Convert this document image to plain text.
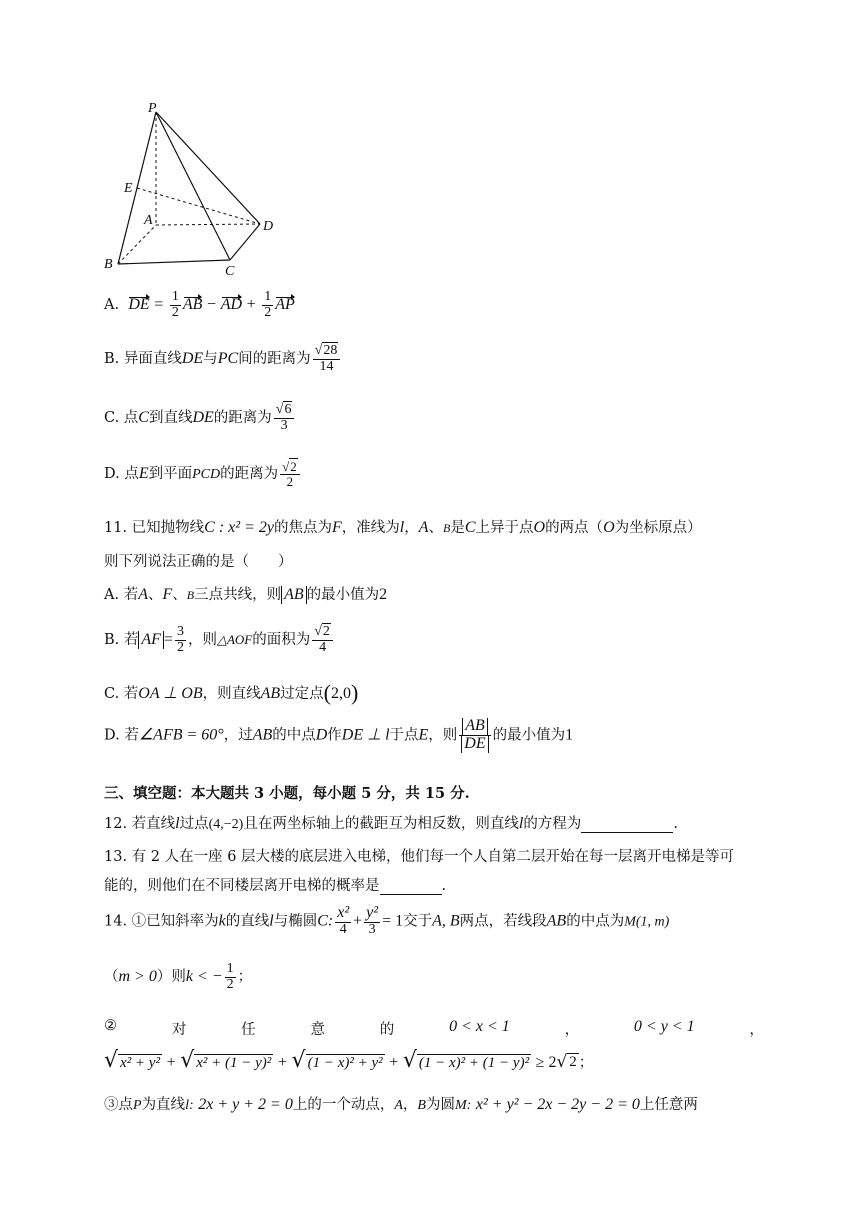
P
E
A	D
B	C
A. DE = $\frac{1}{2}$ AB − AD + $\frac{1}{2}$ AP
B. 异面直线DE与PC间的距离为 $\frac{√28}{14}$
C. 点C到直线DE的距离为 $\frac{√6}{3}$
D. 点E到平面PCD的距离为 $\frac{√2}{2}$
11. 已知抛物线C : x² = 2y的焦点为F，准线为l，A、B是C上异于点O的两点（O为坐标原点）
则下列说法正确的是（　　）
A. 若A、F、B三点共线，则 AB 的最小值为2
B. 若 AF = $\frac{3}{2}$ ，则△AOF的面积为 $\frac{√2}{4}$
C. 若OA ⊥ OB，则直线AB过定点(2,0)
D. 若∠AFB = 60°，过AB的中点D作DE ⊥ l于点E，则 $\frac{AB}{DE}$ 的最小值为1
三、填空题：本大题共 3 小题，每小题 5 分，共 15 分.
12. 若直线l过点(4,−2)且在两坐标轴上的截距互为相反数，则直线l的方程为	.
13. 有 2 人在一座 6 层大楼的底层进入电梯，他们每一个人自第二层开始在每一层离开电梯是等可
能的，则他们在不同楼层离开电梯的概率是	.
14. ①已知斜率为k的直线l与椭圆C: $\frac{\text{x²}}{4} + \frac{\text{y²}}{3} = 1$交于A, B两点，若线段AB的中点为M(1, m)
（m > 0）则k < − $\frac{1}{2}$ ；
②	对	任	意	的	0 < x < 1	，	0 < y < 1	，
√ x² + y² + √ x² + (1 − y)² + √ (1 − x)² + y² + √ (1 − x)² + (1 − y)² ≥ 2 √ 2 ；
③点P为直线l: 2x + y + 2 = 0上的一个动点，A，B为圆M: x² + y² − 2x − 2y − 2 = 0上任意两
